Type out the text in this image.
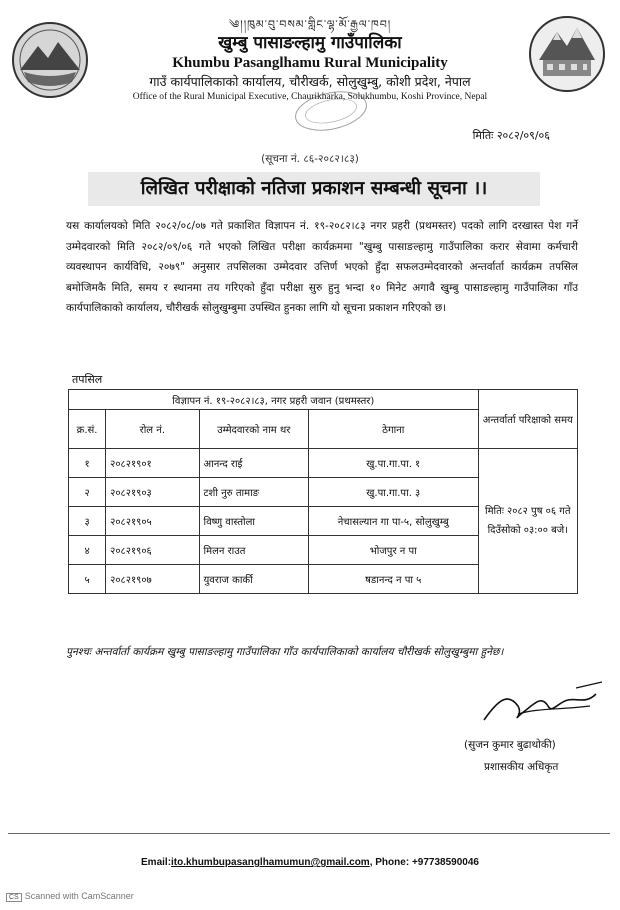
༄།།ཁུམ་བུ་བསམ་གླིང་ལྷ་མོ་རྒྱལ་ཁབ།
खुम्बु पासाङल्हामु गाउँपालिका
Khumbu Pasanglhamu Rural Municipality
गाउँ कार्यपालिकाको कार्यालय, चौरीखर्क, सोलुखुम्बु, कोशी प्रदेश, नेपाल
Office of the Rural Municipal Executive, Chaurikharka, Solukhumbu, Koshi Province, Nepal
मितिः २०८२/०९/०६
(सूचना नं. ८६-२०८२।८३)
लिखित परीक्षाको नतिजा प्रकाशन सम्बन्धी सूचना ।।
यस कार्यालयको मिति २०८२/०८/०७ गते प्रकाशित विज्ञापन नं. १९-२०८२।८३ नगर प्रहरी (प्रथमस्तर) पदको लागि दरखास्त पेश गर्ने उम्मेदवारको मिति २०८२/०९/०६ गते भएको लिखित परीक्षा कार्यक्रममा "खुम्बु पासाङल्हामु गाउँपालिका करार सेवामा कर्मचारी व्यवस्थापन कार्यविधि, २०७९" अनुसार तपसिलका उम्मेदवार उत्तिर्ण भएको हुँदा सफलउम्मेदवारको अन्तर्वार्ता कार्यक्रम तपसिल बमोजिमकै मिति, समय र स्थानमा तय गरिएको हुँदा परीक्षा सुरु हुनु भन्दा १० मिनेट अगावै खुम्बु पासाङल्हामु गाउँपालिका गाँउ कार्यपालिकाको कार्यालय, चौरीखर्क सोलुखुम्बुमा उपस्थित हुनका लागि यो सूचना प्रकाशन गरिएको छ।
तपसिल
विज्ञापन नं. १९-२०८२।८३, नगर प्रहरी जवान (प्रथमस्तर)				अन्तर्वार्ता परिक्षाको समय
क्र.सं.	रोल नं.	उम्मेदवारको नाम थर	ठेगाना	
१	२०८२१९०१	आनन्द राई	खु.पा.गा.पा. १	मितिः २०८२ पुष ०६ गते दिउँसोको ०३:०० बजे।
२	२०८२१९०३	टशी नुरु तामाङ	खु.पा.गा.पा. ३	
३	२०८२१९०५	विष्णु वास्तोला	नेचासल्यान गा पा-५, सोलुखुम्बु	
४	२०८२१९०६	मिलन राउत	भोजपुर न पा	
५	२०८२१९०७	युवराज कार्की	षडानन्द न पा ५	
पुनश्चः अन्तर्वार्ता कार्यक्रम खुम्बु पासाङल्हामु गाउँपालिका गाँउ कार्यपालिकाको कार्यालय चौरीखर्क सोलुखुम्बुमा हुनेछ।
(सुजन कुमार बुढाथोकी)
प्रशासकीय अधिकृत
Email:ito.khumbupasanglhamumun@gmail.com, Phone: +97738590046
CS Scanned with CamScanner
